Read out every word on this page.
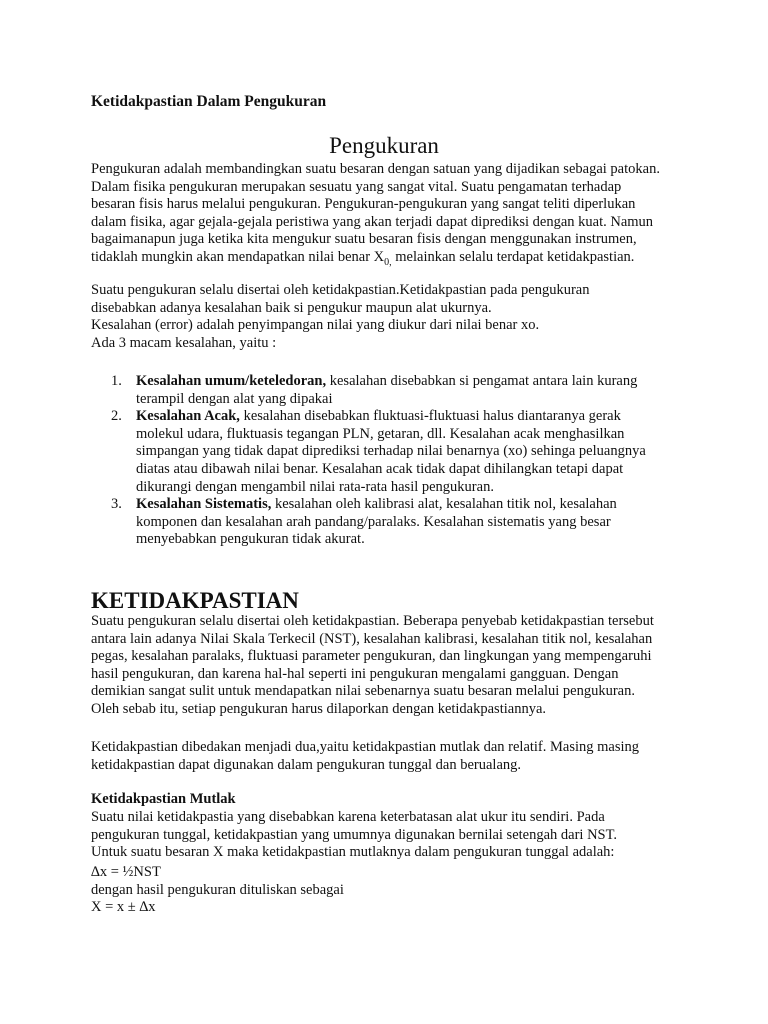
Ketidakpastian Dalam Pengukuran

Pengukuran

Pengukuran adalah membandingkan suatu besaran dengan satuan yang dijadikan sebagai patokan.

Dalam fisika pengukuran merupakan sesuatu yang sangat vital. Suatu pengamatan terhadap

besaran fisis harus melalui pengukuran. Pengukuran-pengukuran yang sangat teliti diperlukan

dalam fisika, agar gejala-gejala peristiwa yang akan terjadi dapat diprediksi dengan kuat. Namun

bagaimanapun juga ketika kita mengukur suatu besaran fisis dengan menggunakan instrumen,

tidaklah mungkin akan mendapatkan nilai benar $X_{0,}$ melainkan selalu terdapat ketidakpastian.

Suatu pengukuran selalu disertai oleh ketidakpastian.Ketidakpastian pada pengukuran

disebabkan adanya kesalahan baik si pengukur maupun alat ukurnya.

Kesalahan (error) adalah penyimpangan nilai yang diukur dari nilai benar xo.

Ada 3 macam kesalahan, yaitu :

1. Kesalahan umum/keteledoran, kesalahan disebabkan si pengamat antara lain kurang

terampil dengan alat yang dipakai

2. Kesalahan Acak, kesalahan disebabkan fluktuasi-fluktuasi halus diantaranya gerak

molekul udara, fluktuasis tegangan PLN, getaran, dll. Kesalahan acak menghasilkan

simpangan yang tidak dapat diprediksi terhadap nilai benarnya (xo) sehinga peluangnya

diatas atau dibawah nilai benar. Kesalahan acak tidak dapat dihilangkan tetapi dapat

dikurangi dengan mengambil nilai rata-rata hasil pengukuran.

3. Kesalahan Sistematis, kesalahan oleh kalibrasi alat, kesalahan titik nol, kesalahan

komponen dan kesalahan arah pandang/paralaks. Kesalahan sistematis yang besar

menyebabkan pengukuran tidak akurat.

KETIDAKPASTIAN

Suatu pengukuran selalu disertai oleh ketidakpastian. Beberapa penyebab ketidakpastian tersebut

antara lain adanya Nilai Skala Terkecil (NST), kesalahan kalibrasi, kesalahan titik nol, kesalahan

pegas, kesalahan paralaks, fluktuasi parameter pengukuran, dan lingkungan yang mempengaruhi

hasil pengukuran, dan karena hal-hal seperti ini pengukuran mengalami gangguan. Dengan

demikian sangat sulit untuk mendapatkan nilai sebenarnya suatu besaran melalui pengukuran.

Oleh sebab itu, setiap pengukuran harus dilaporkan dengan ketidakpastiannya.

Ketidakpastian dibedakan menjadi dua,yaitu ketidakpastian mutlak dan relatif. Masing masing

ketidakpastian dapat digunakan dalam pengukuran tunggal dan berualang.

Ketidakpastian Mutlak

Suatu nilai ketidakpastia yang disebabkan karena keterbatasan alat ukur itu sendiri. Pada

pengukuran tunggal, ketidakpastian yang umumnya digunakan bernilai setengah dari NST.

Untuk suatu besaran X maka ketidakpastian mutlaknya dalam pengukuran tunggal adalah:

∆x = ½NST

dengan hasil pengukuran dituliskan sebagai

X = x ± ∆x
